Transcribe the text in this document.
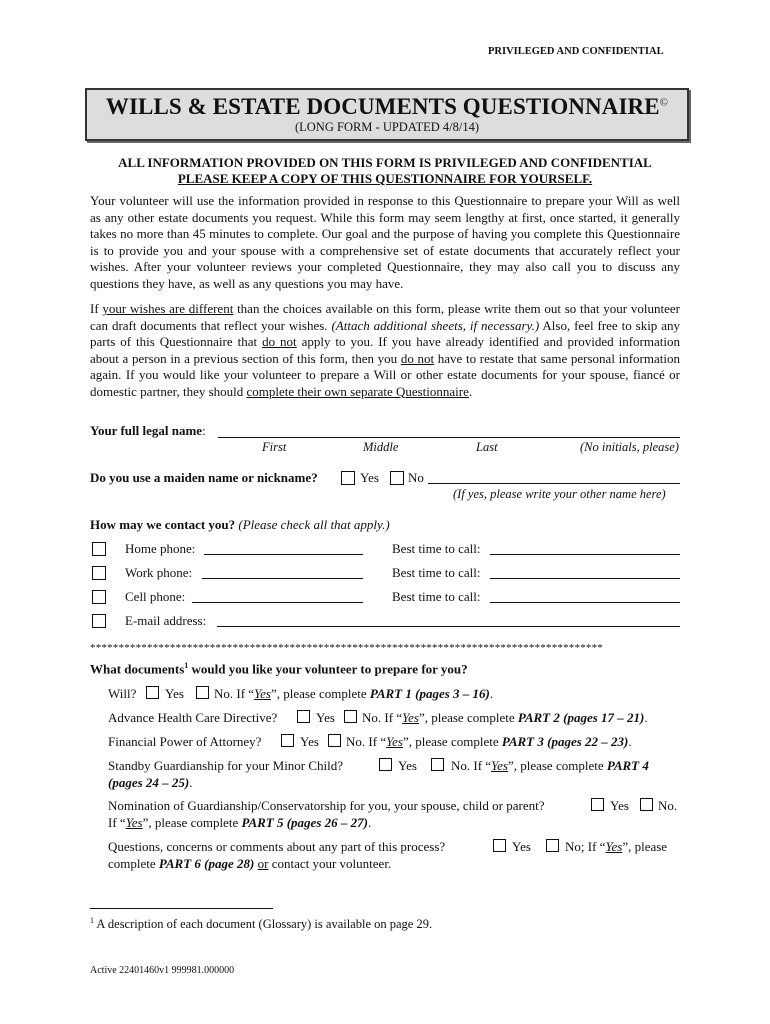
PRIVILEGED AND CONFIDENTIAL
WILLS & ESTATE DOCUMENTS QUESTIONNAIRE©
(LONG FORM - UPDATED 4/8/14)
ALL INFORMATION PROVIDED ON THIS FORM IS PRIVILEGED AND CONFIDENTIAL
PLEASE KEEP A COPY OF THIS QUESTIONNAIRE FOR YOURSELF.
Your volunteer will use the information provided in response to this Questionnaire to prepare your Will as well as any other estate documents you request. While this form may seem lengthy at first, once started, it generally takes no more than 45 minutes to complete. Our goal and the purpose of having you complete this Questionnaire is to provide you and your spouse with a comprehensive set of estate documents that accurately reflect your wishes. After your volunteer reviews your completed Questionnaire, they may also call you to discuss any questions they have, as well as any questions you may have.
If your wishes are different than the choices available on this form, please write them out so that your volunteer can draft documents that reflect your wishes. (Attach additional sheets, if necessary.) Also, feel free to skip any parts of this Questionnaire that do not apply to you. If you have already identified and provided information about a person in a previous section of this form, then you do not have to restate that same personal information again. If you would like your volunteer to prepare a Will or other estate documents for your spouse, fiancé or domestic partner, they should complete their own separate Questionnaire.
Your full legal name:
First	Middle	Last	(No initials, please)
Do you use a maiden name or nickname?	Yes No
(If yes, please write your other name here)
How may we contact you? (Please check all that apply.)
Home phone:	Best time to call:
Work phone:	Best time to call:
Cell phone:	Best time to call:
E-mail address:
******************************************************************************************
What documents$^1$ would you like your volunteer to prepare for you?
Will? Yes No. If “Yes”, please complete PART 1 (pages 3 – 16).
Advance Health Care Directive?	Yes No. If “Yes”, please complete PART 2 (pages 17 – 21).
Financial Power of Attorney?	Yes No. If “Yes”, please complete PART 3 (pages 22 – 23).
Standby Guardianship for your Minor Child?	Yes	No. If “Yes”, please complete PART 4
(pages 24 – 25).
Nomination of Guardianship/Conservatorship for you, your spouse, child or parent?	Yes No.
If “Yes”, please complete PART 5 (pages 26 – 27).
Questions, concerns or comments about any part of this process?	Yes	No; If “Yes”, please
complete PART 6 (page 28) or contact your volunteer.
$^1$ A description of each document (Glossary) is available on page 29.
Active 22401460v1 999981.000000
